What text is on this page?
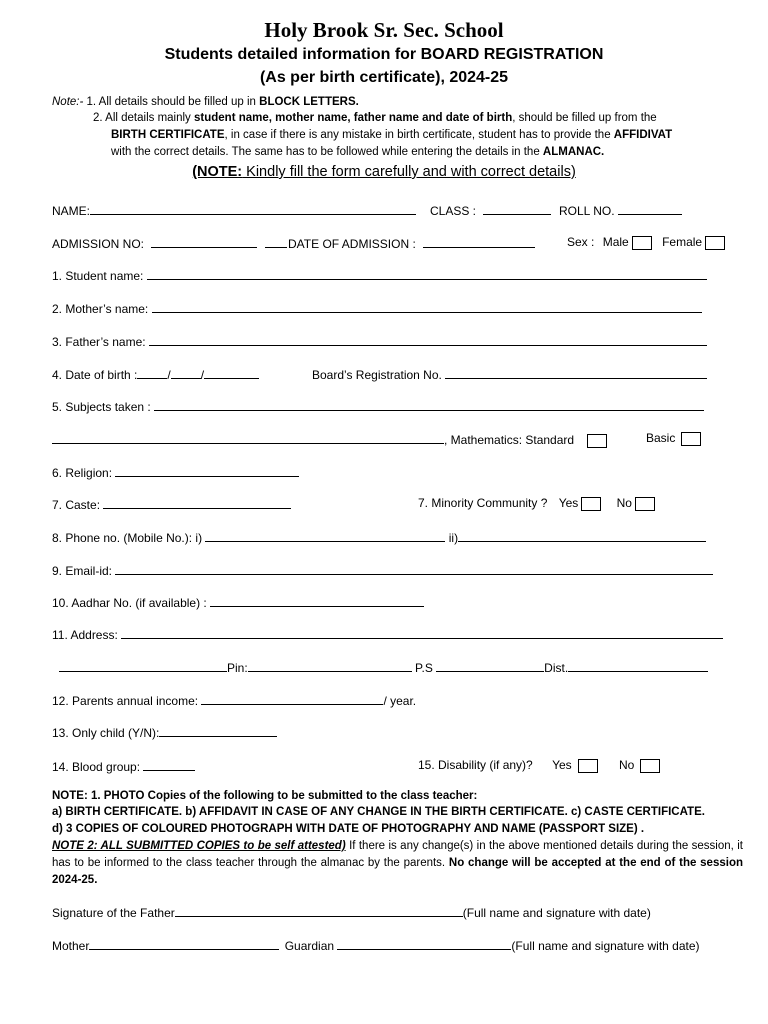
Holy Brook Sr. Sec. School
Students detailed information for BOARD REGISTRATION
(As per birth certificate), 2024-25
Note:- 1. All details should be filled up in BLOCK LETTERS.
2. All details mainly student name, mother name, father name and date of birth, should be filled up from the
BIRTH CERTIFICATE, in case if there is any mistake in birth certificate, student has to provide the AFFIDIVAT
with the correct details. The same has to be followed while entering the details in the ALMANAC.
(NOTE: Kindly fill the form carefully and with correct details)
NAME:	CLASS :	ROLL NO.
ADMISSION NO:	DATE OF ADMISSION :	Sex : Male	Female
1. Student name:
2. Mother’s name:
3. Father’s name:
4. Date of birth :	/	/	Board’s Registration No.
5. Subjects taken :
, Mathematics: Standard	Basic
6. Religion:
7. Caste:	7. Minority Community ? Yes	No
8. Phone no. (Mobile No.): i)	ii)
9. Email-id:
10. Aadhar No. (if available) :
11. Address:
Pin:	P.S	Dist.
12. Parents annual income:	/ year.
13. Only child (Y/N):
14. Blood group:	15. Disability (if any)? Yes	No
NOTE: 1. PHOTO Copies of the following to be submitted to the class teacher:
a) BIRTH CERTIFICATE. b) AFFIDAVIT IN CASE OF ANY CHANGE IN THE BIRTH CERTIFICATE. c) CASTE CERTIFICATE.
d) 3 COPIES OF COLOURED PHOTOGRAPH WITH DATE OF PHOTOGRAPHY AND NAME (PASSPORT SIZE) .
NOTE 2: ALL SUBMITTED COPIES to be self attested) If there is any change(s) in the above mentioned details during the session, it has to be informed to the class teacher through the almanac by the parents. No change will be accepted at the end of the session 2024-25.
Signature of the Father	(Full name and signature with date)
Mother	Guardian	(Full name and signature with date)
